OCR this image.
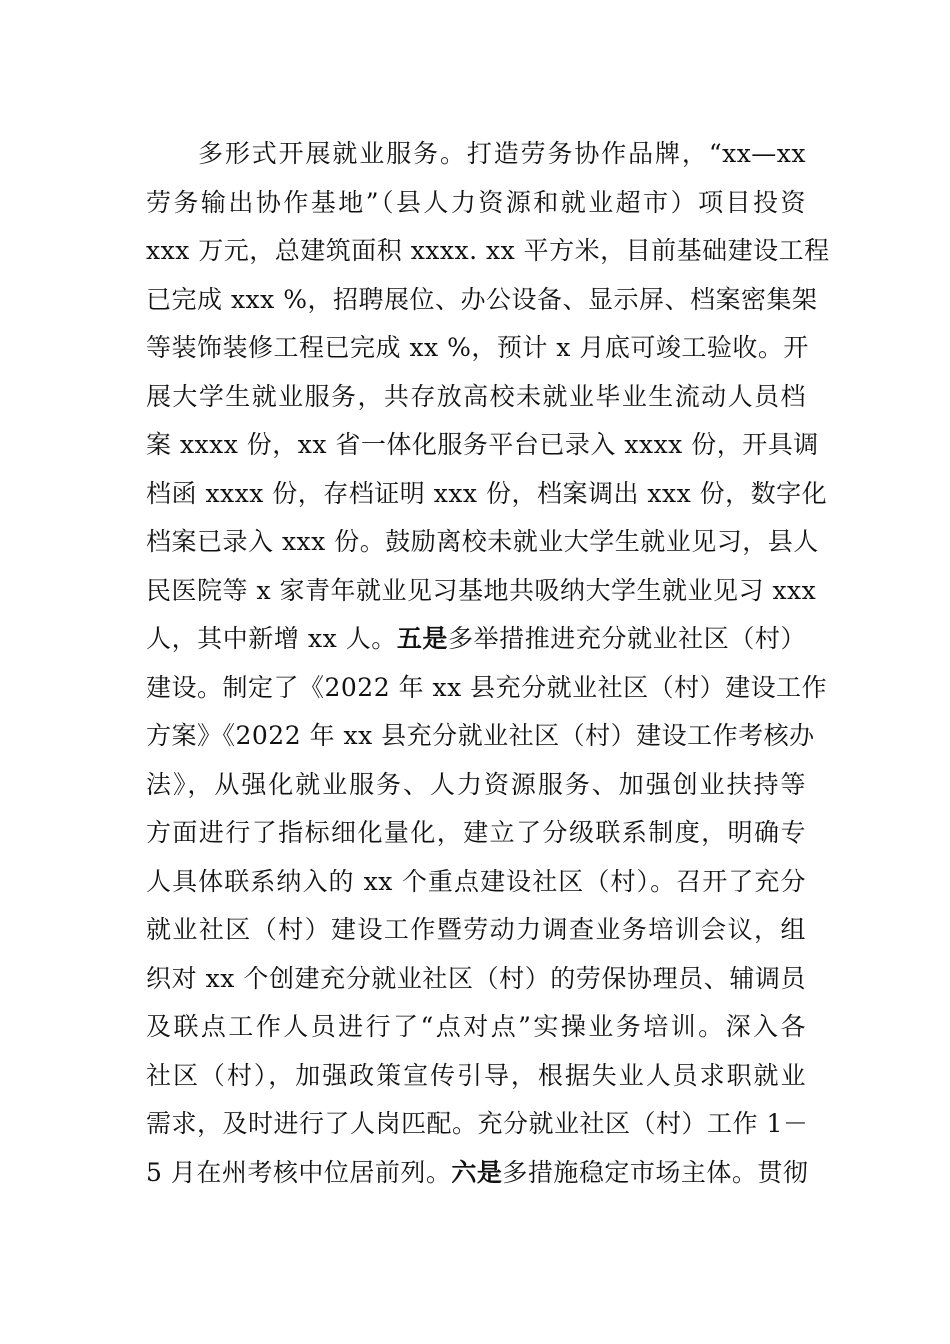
多形式开展就业服务。打造劳务协作品牌，“xx—xx
劳务输出协作基地”（县人力资源和就业超市）项目投资
xxx 万元，总建筑面积 xxxx. xx 平方米，目前基础建设工程
已完成 xxx %，招聘展位、办公设备、显示屏、档案密集架
等装饰装修工程已完成 xx %，预计 x 月底可竣工验收。开
展大学生就业服务，共存放高校未就业毕业生流动人员档
案 xxxx 份，xx 省一体化服务平台已录入 xxxx 份，开具调
档函 xxxx 份，存档证明 xxx 份，档案调出 xxx 份，数字化
档案已录入 xxx 份。鼓励离校未就业大学生就业见习，县人
民医院等 x 家青年就业见习基地共吸纳大学生就业见习 xxx
人，其中新增 xx 人。五是多举措推进充分就业社区（村）
建设。制定了《2022 年 xx 县充分就业社区（村）建设工作
方案》《2022 年 xx 县充分就业社区（村）建设工作考核办
法》，从强化就业服务、人力资源服务、加强创业扶持等
方面进行了指标细化量化，建立了分级联系制度，明确专
人具体联系纳入的 xx 个重点建设社区（村）。召开了充分
就业社区（村）建设工作暨劳动力调查业务培训会议，组
织对 xx 个创建充分就业社区（村）的劳保协理员、辅调员
及联点工作人员进行了“点对点”实操业务培训。深入各
社区（村），加强政策宣传引导，根据失业人员求职就业
需求，及时进行了人岗匹配。充分就业社区（村）工作 1－
5 月在州考核中位居前列。六是多措施稳定市场主体。贯彻
